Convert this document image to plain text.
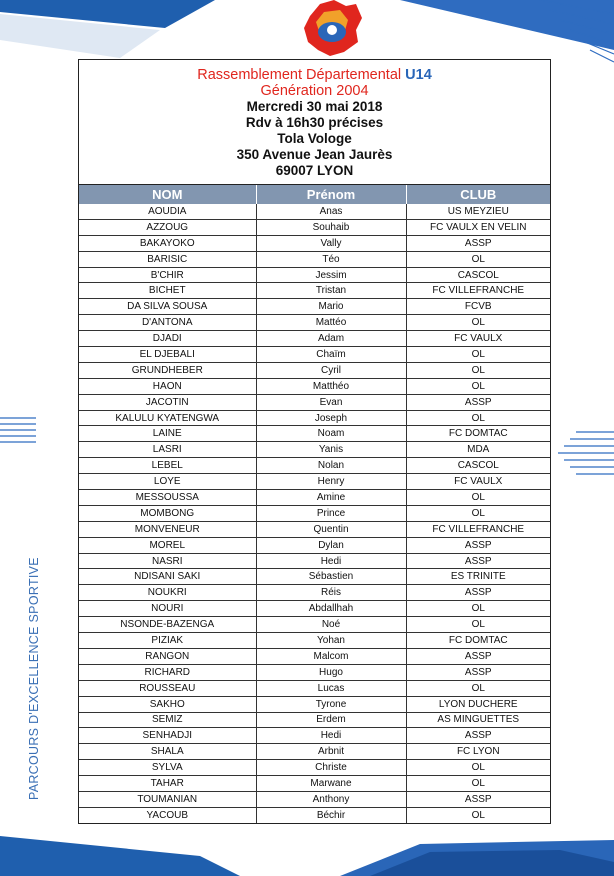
PARCOURS D'EXCELLENCE SPORTIVE
Rassemblement Départemental U14
Génération 2004
Mercredi 30 mai 2018
Rdv à 16h30 précises
Tola Vologe
350 Avenue Jean Jaurès
69007 LYON
NOM	Prénom	CLUB
AOUDIA	Anas	US MEYZIEU
AZZOUG	Souhaib	FC VAULX EN VELIN
BAKAYOKO	Vally	ASSP
BARISIC	Téo	OL
B'CHIR	Jessim	CASCOL
BICHET	Tristan	FC VILLEFRANCHE
DA SILVA SOUSA	Mario	FCVB
D'ANTONA	Mattéo	OL
DJADI	Adam	FC VAULX
EL DJEBALI	Chaïm	OL
GRUNDHEBER	Cyril	OL
HAON	Matthéo	OL
JACOTIN	Evan	ASSP
KALULU KYATENGWA	Joseph	OL
LAINE	Noam	FC DOMTAC
LASRI	Yanis	MDA
LEBEL	Nolan	CASCOL
LOYE	Henry	FC VAULX
MESSOUSSA	Amine	OL
MOMBONG	Prince	OL
MONVENEUR	Quentin	FC VILLEFRANCHE
MOREL	Dylan	ASSP
NASRI	Hedi	ASSP
NDISANI SAKI	Sébastien	ES TRINITE
NOUKRI	Réis	ASSP
NOURI	Abdallhah	OL
NSONDE-BAZENGA	Noé	OL
PIZIAK	Yohan	FC DOMTAC
RANGON	Malcom	ASSP
RICHARD	Hugo	ASSP
ROUSSEAU	Lucas	OL
SAKHO	Tyrone	LYON DUCHERE
SEMIZ	Erdem	AS MINGUETTES
SENHADJI	Hedi	ASSP
SHALA	Arbnit	FC LYON
SYLVA	Christe	OL
TAHAR	Marwane	OL
TOUMANIAN	Anthony	ASSP
YACOUB	Béchir	OL
